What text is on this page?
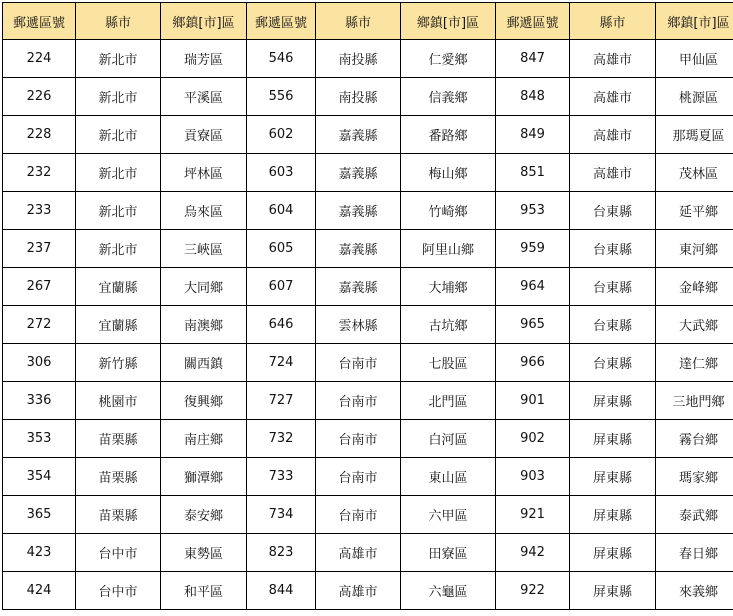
郵遞區號	縣市	鄉鎮[市]區	郵遞區號	縣市	鄉鎮[市]區	郵遞區號	縣市	鄉鎮[市]區
224	新北市	瑞芳區	546	南投縣	仁愛鄉	847	高雄市	甲仙區
226	新北市	平溪區	556	南投縣	信義鄉	848	高雄市	桃源區
228	新北市	貢寮區	602	嘉義縣	番路鄉	849	高雄市	那瑪夏區
232	新北市	坪林區	603	嘉義縣	梅山鄉	851	高雄市	茂林區
233	新北市	烏來區	604	嘉義縣	竹崎鄉	953	台東縣	延平鄉
237	新北市	三峽區	605	嘉義縣	阿里山鄉	959	台東縣	東河鄉
267	宜蘭縣	大同鄉	607	嘉義縣	大埔鄉	964	台東縣	金峰鄉
272	宜蘭縣	南澳鄉	646	雲林縣	古坑鄉	965	台東縣	大武鄉
306	新竹縣	關西鎮	724	台南市	七股區	966	台東縣	達仁鄉
336	桃園市	復興鄉	727	台南市	北門區	901	屏東縣	三地門鄉
353	苗栗縣	南庄鄉	732	台南市	白河區	902	屏東縣	霧台鄉
354	苗栗縣	獅潭鄉	733	台南市	東山區	903	屏東縣	瑪家鄉
365	苗栗縣	泰安鄉	734	台南市	六甲區	921	屏東縣	泰武鄉
423	台中市	東勢區	823	高雄市	田寮區	942	屏東縣	春日鄉
424	台中市	和平區	844	高雄市	六龜區	922	屏東縣	來義鄉
